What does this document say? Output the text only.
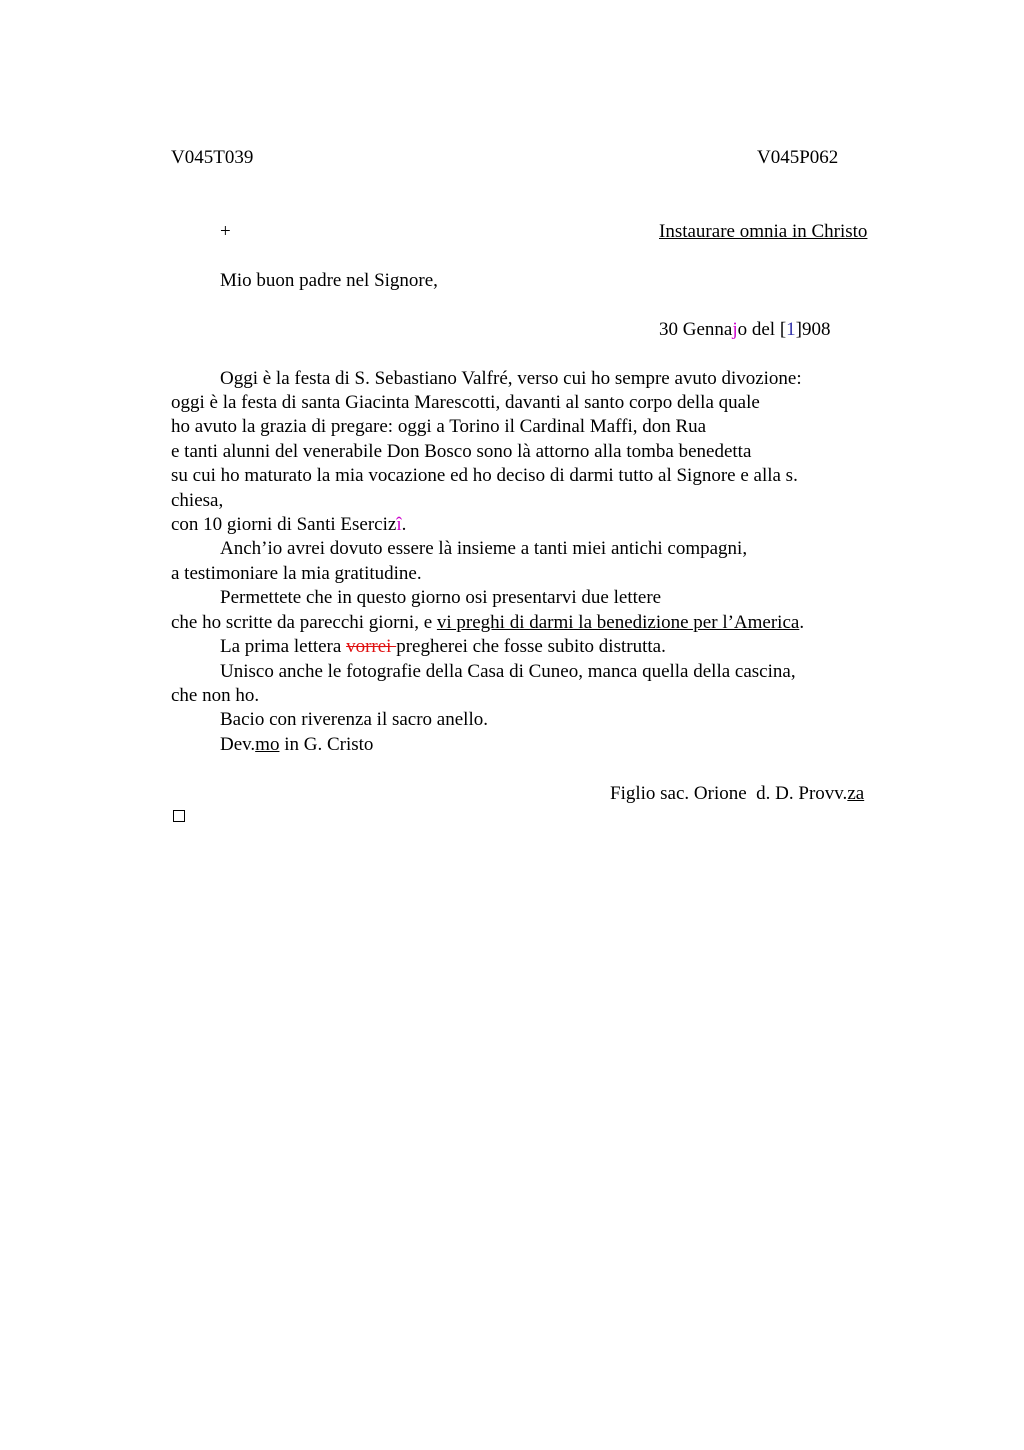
V045T039	V045P062
+	Instaurare omnia in Christo
Mio buon padre nel Signore,
30 Gennajo del [1]908
Oggi è la festa di S. Sebastiano Valfré, verso cui ho sempre avuto divozione:
oggi è la festa di santa Giacinta Marescotti, davanti al santo corpo della quale
ho avuto la grazia di pregare: oggi a Torino il Cardinal Maffi, don Rua
e tanti alunni del venerabile Don Bosco sono là attorno alla tomba benedetta
su cui ho maturato la mia vocazione ed ho deciso di darmi tutto al Signore e alla s.
chiesa,
con 10 giorni di Santi Esercizî.
Anch’io avrei dovuto essere là insieme a tanti miei antichi compagni,
a testimoniare la mia gratitudine.
Permettete che in questo giorno osi presentarvi due lettere
che ho scritte da parecchi giorni, e vi preghi di darmi la benedizione per l’America.
La prima lettera vorrei pregherei che fosse subito distrutta.
Unisco anche le fotografie della Casa di Cuneo, manca quella della cascina,
che non ho.
Bacio con riverenza il sacro anello.
Dev.mo in G. Cristo
Figlio sac. Orione  d. D. Provv.za
